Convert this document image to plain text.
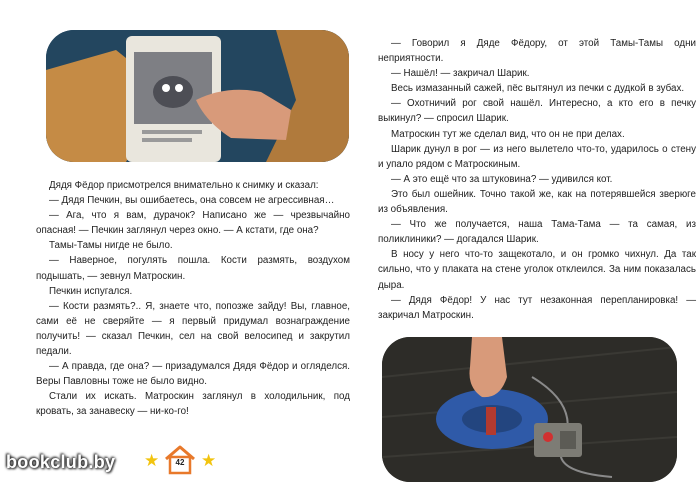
Дядя Фёдор присмотрелся внимательно к снимку и сказал:

— Дядя Печкин, вы ошибаетесь, она совсем не агрессивная…

— Ага, что я вам, дурачок? Написано же — чрезвычайно опасная! — Печкин заглянул через окно. — А кстати, где она?

Тамы-Тамы нигде не было.

— Наверное, погулять пошла. Кости размять, воздухом подышать, — зевнул Матроскин.

Печкин испугался.

— Кости размять?.. Я, знаете что, попозже зайду! Вы, главное, сами её не сверяйте — я первый придумал вознаграждение получить! — сказал Печкин, сел на свой велосипед и закрутил педали.

— А правда, где она? — призадумался Дядя Фёдор и огляделся. Веры Павловны тоже не было видно.

Стали их искать. Матроскин заглянул в холодильник, под кровать, за занавеску — ни-ко-го!

— Говорил я Дяде Фёдору, от этой Тамы-Тамы одни неприятности.

— Нашёл! — закричал Шарик.

Весь измазанный сажей, пёс вытянул из печки с дудкой в зубах.

— Охотничий рог свой нашёл. Интересно, а кто его в печку выкинул? — спросил Шарик.

Матроскин тут же сделал вид, что он не при делах.

Шарик дунул в рог — из него вылетело что-то, ударилось о стену и упало рядом с Матроскиным.

— А это ещё что за штуковина? — удивился кот.

Это был ошейник. Точно такой же, как на потерявшейся зверюге из объявления.

— Что же получается, наша Тама-Тама — та самая, из поликлиники? — догадался Шарик.

В носу у него что-то защекотало, и он громко чихнул. Да так сильно, что у плаката на стене уголок отклеился. За ним показалась дыра.

— Дядя Фёдор! У нас тут незаконная перепланировка! — закричал Матроскин.

bookclub.by ★	42 ★
